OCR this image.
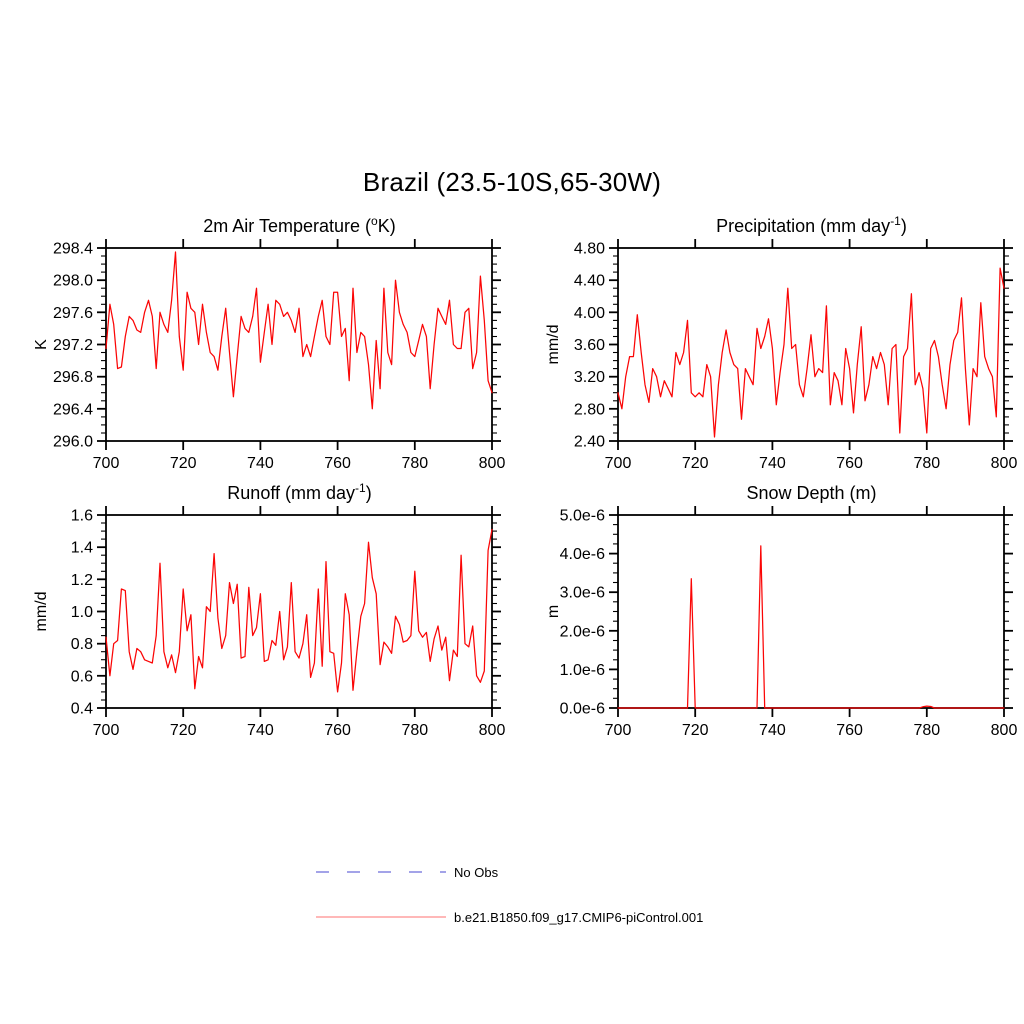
Brazil (23.5-10S,65-30W)
2m Air Temperature ($^o$K)
296.0
296.4
296.8
297.2
297.6
298.0
298.4
K
700	720	740	760	780	800
Precipitation (mm day$^{-1}$)
2.40
2.80
3.20
3.60
4.00
4.40
4.80
mm/d
700	720	740	760	780	800
Runoff (mm day$^{-1}$)
0.4
0.6
0.8
1.0
1.2
1.4
1.6
mm/d
700	720	740	760	780	800
Snow Depth (m)
0.0e-6
1.0e-6
2.0e-6
3.0e-6
4.0e-6
5.0e-6
m
700	720	740	760	780	800
No Obs
b.e21.B1850.f09_g17.CMIP6-piControl.001
